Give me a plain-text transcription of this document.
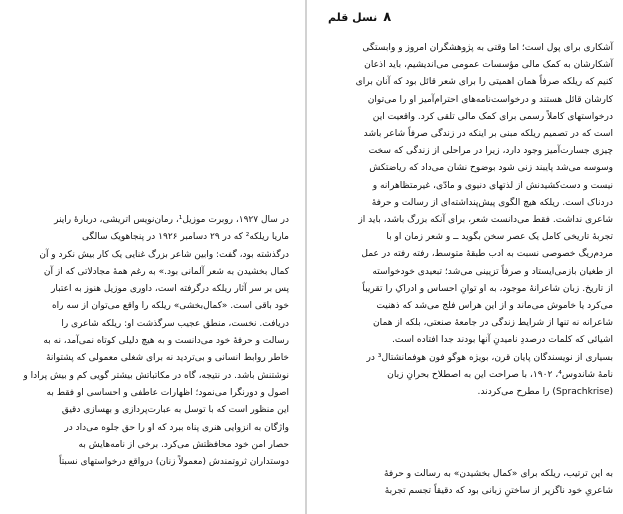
در سال ۱۹۲۷، روبرت موزیل¹، رمان‌نویس اتریشی، دربارهٔ راینر
ماریا ریلکه² که در ۲۹ دسامبر ۱۹۲۶ در پنجاهویک سالگی
درگذشته بود، گفت: وابین شاعر بزرگ غنایی یک کار بیش نکرد و آن
کمال بخشیدن به شعر آلمانی بود.» به رغم همهٔ مجادلاتی که از آن
پس بر سر آثار ریلکه درگرفته است، داوری موزیل هنوز به اعتبار
خود باقی است. «کمال‌بخشی» ریلکه را واقع می‌توان از سه راه
دریافت. نخست، منطق عجیب سرگذشت او: ریلکه شاعری را
رسالت و حرفهٔ خود می‌دانست و به هیچ دلیلی کوتاه نمی‌آمد، نه به
خاطر روابط انسانی و بی‌تردید نه برای شغلی معمولی که پشتوانهٔ
نوشتنش باشد. در نتیجه، گاه در مکاتباتش بیشتر گویی کم و بیش پرادا و
اصول و دورنگرا می‌نمود؛ اظهارات عاطفی و احساسی او فقط به
این منظور است که با توسل به عبارت‌پردازی و بهسازی دقیق
واژگان به انزوایی هنری پناه ببرد که او را حق جلوه می‌داد در
حصار امن خود محافظتش می‌کرد. برخی از نامه‌هایش به
دوستداران ثروتمندش (معمولاً زنان) درواقع درخواستهای نسبتاً
٨
نسل قلم
آشکاری برای پول است؛ اما وقتی به پژوهشگران امروز و وابستگی
آشکارشان به کمک مالی مؤسسات عمومی می‌اندیشیم، باید اذعان
کنیم که ریلکه صرفاً همان اهمیتی را برای شعر قائل بود که آنان برای
کارشان قائل هستند و درخواست‌نامه‌های احترام‌آمیز او را می‌توان
درخواستهای کاملاً رسمی برای کمک مالی تلقی کرد. واقعیت این
است که در تصمیم ریلکه مبنی بر اینکه در زندگی صرفاً شاعر باشد
چیزی جسارت‌آمیز وجود دارد، زیرا در مراحلی از زندگی که سخت
وسوسه می‌شد پایبند زنی شود بوضوح نشان می‌داد که ریاضتکش
نیست و دست‌کشیدنش از لذتهای دنیوی و مادّی، غیرمتظاهرانه و
دردناک است. ریلکه هیچ الگوی پیش‌پنداشته‌ای از رسالت و حرفهٔ
شاعری نداشت. فقط می‌دانست شعر، برای آنکه بزرگ باشد، باید از
تجربهٔ تاریخی کامل یک عصر سخن بگوید ــ و شعر زمان او با
مردم‌ریگ خصوصی نسبت به ادب طبقهٔ متوسط، رفته رفته در عمل
از طغیان بازمی‌ایستاد و صرفاً تزیینی می‌شد؛ تبعیدی خودخواسته
از تاریخ. زبان شاعرانهٔ موجود، به او توانِ احساس و ادراکِ را تقریباً
می‌کرد یا خاموش می‌ماند و از این هراس فلج می‌شد که ذهنیت
شاعرانه نه تنها از شرایط زندگی در جامعهٔ صنعتی، بلکه از همان
اشیائی که کلمات درصددِ نامیدنِ آنها بودند جدا افتاده است.
بسیاری از نویسندگان پایان قرن، بویژه هوگو فون هوفمانشتال³ در
نامهٔ شاندوس⁴، ۱۹۰۲، با صراحت این به اصطلاح بحرانِ زبان
(Sprachkrise) را مطرح می‌کردند.
به این ترتیب، ریلکه برای «کمال بخشیدن» به رسالت و حرفهٔ
شاعریِ خود ناگزیر از ساختنِ زبانی بود که دقیقاً تجسم تجربهٔ
